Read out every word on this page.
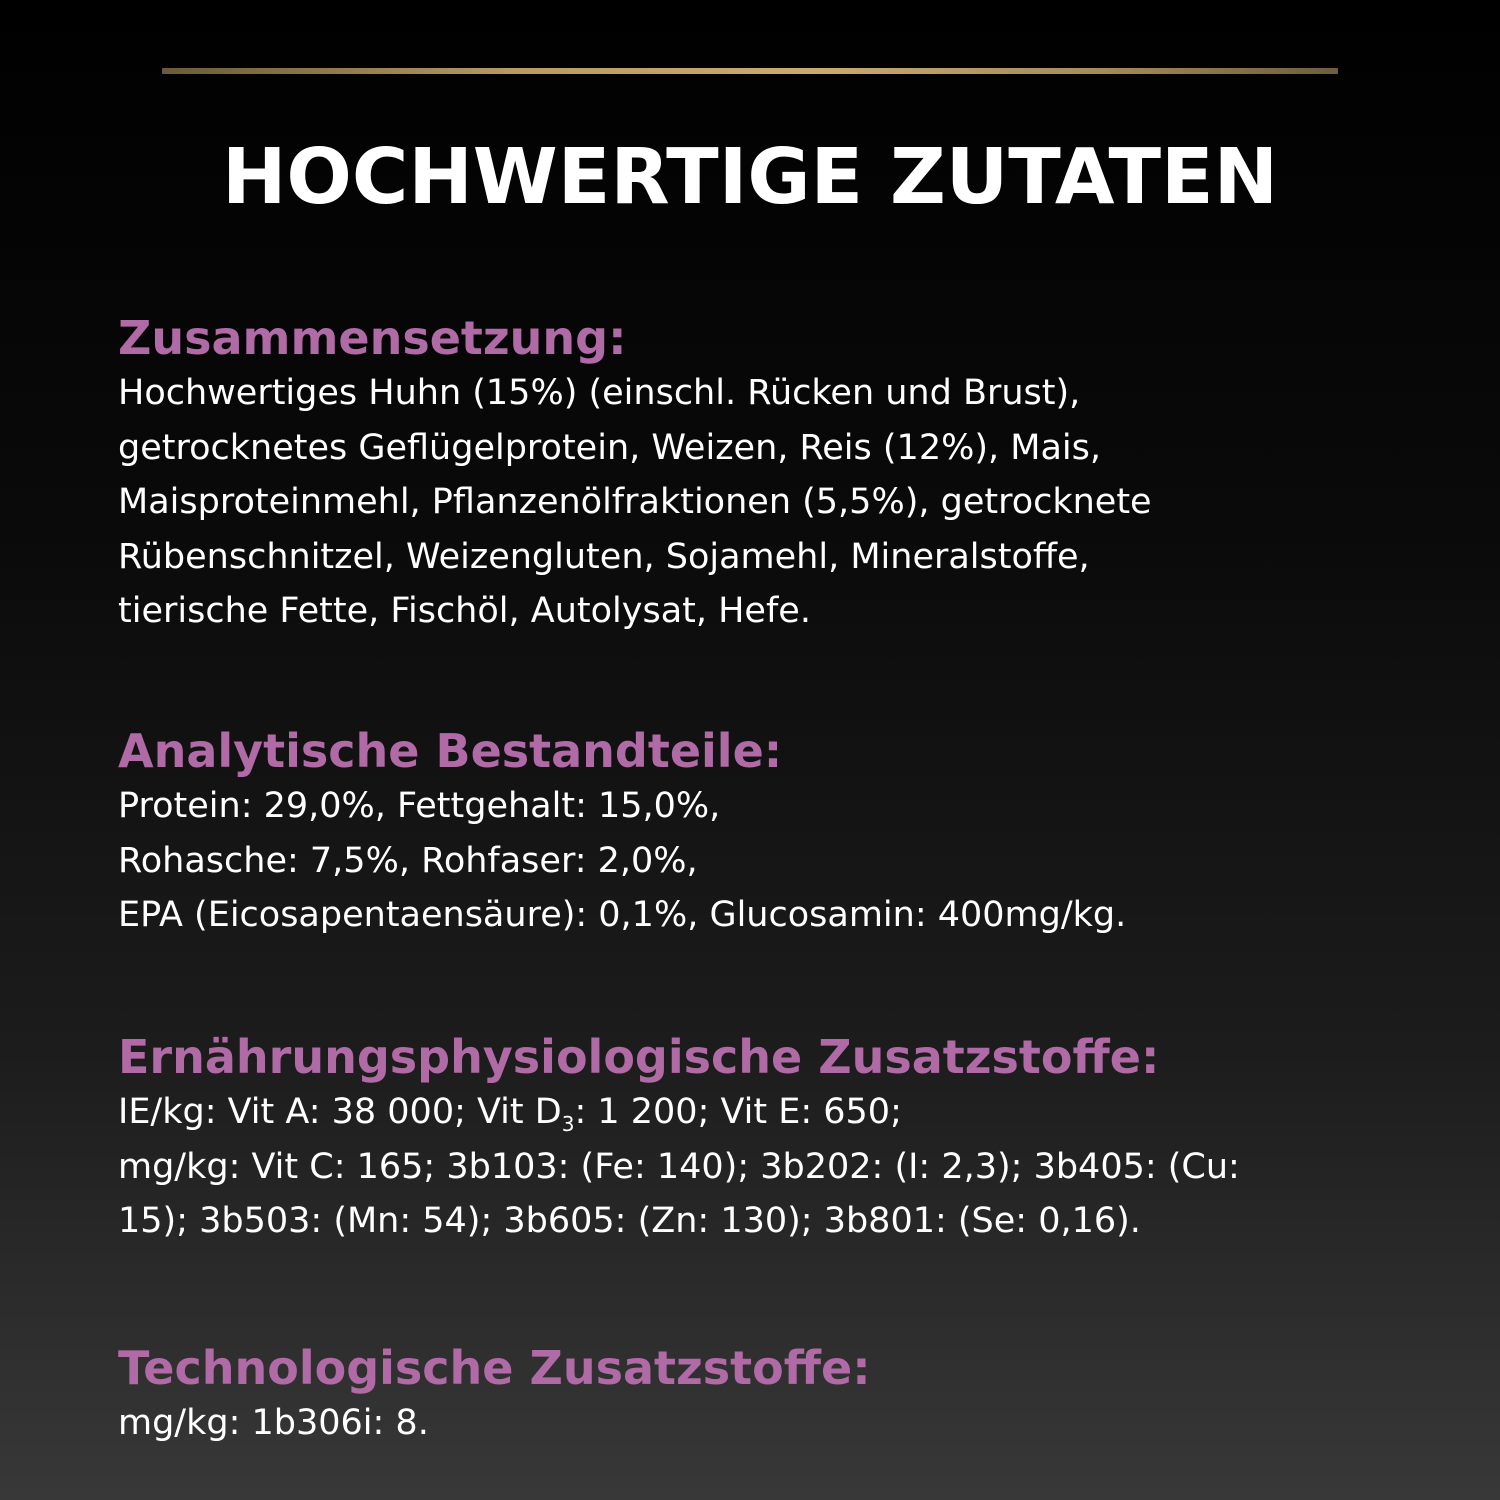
HOCHWERTIGE ZUTATEN
Zusammensetzung:
Hochwertiges Huhn (15%) (einschl. Rücken und Brust),
getrocknetes Geflügelprotein, Weizen, Reis (12%), Mais,
Maisproteinmehl, Pflanzenölfraktionen (5,5%), getrocknete
Rübenschnitzel, Weizengluten, Sojamehl, Mineralstoffe,
tierische Fette, Fischöl, Autolysat, Hefe.
Analytische Bestandteile:
Protein: 29,0%, Fettgehalt: 15,0%,
Rohasche: 7,5%, Rohfaser: 2,0%,
EPA (Eicosapentaensäure): 0,1%, Glucosamin: 400mg/kg.
Ernährungsphysiologische Zusatzstoffe:
IE/kg: Vit A: 38 000; Vit $D_3$: 1 200; Vit E: 650;
mg/kg: Vit C: 165; 3b103: (Fe: 140); 3b202: (I: 2,3); 3b405: (Cu:
15); 3b503: (Mn: 54); 3b605: (Zn: 130); 3b801: (Se: 0,16).
Technologische Zusatzstoffe:
mg/kg: 1b306i: 8.
